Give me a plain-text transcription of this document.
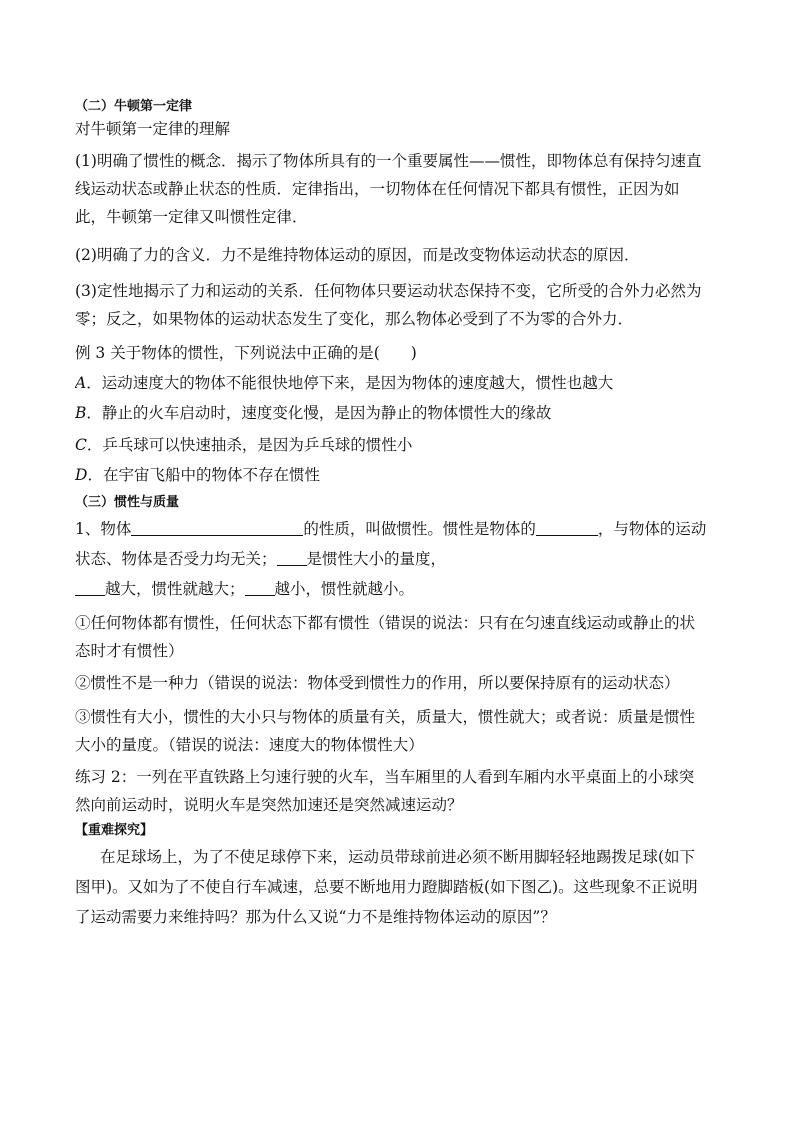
（二）牛顿第一定律
对牛顿第一定律的理解
(1)明确了惯性的概念．揭示了物体所具有的一个重要属性——惯性，即物体总有保持匀速直
线运动状态或静止状态的性质．定律指出，一切物体在任何情况下都具有惯性，正因为如
此，牛顿第一定律又叫惯性定律．
(2)明确了力的含义．力不是维持物体运动的原因，而是改变物体运动状态的原因．
(3)定性地揭示了力和运动的关系．任何物体只要运动状态保持不变，它所受的合外力必然为
零；反之，如果物体的运动状态发生了变化，那么物体必受到了不为零的合外力．
例 3 关于物体的惯性，下列说法中正确的是(　　)
A．运动速度大的物体不能很快地停下来，是因为物体的速度越大，惯性也越大
B．静止的火车启动时，速度变化慢，是因为静止的物体惯性大的缘故
C．乒乓球可以快速抽杀，是因为乒乓球的惯性小
D．在宇宙飞船中的物体不存在惯性
（三）惯性与质量
1、物体	的性质，叫做惯性。惯性是物体的	，与物体的运动
状态、物体是否受力均无关； 是惯性大小的量度，
越大，惯性就越大； 越小，惯性就越小。
①任何物体都有惯性，任何状态下都有惯性（错误的说法：只有在匀速直线运动或静止的状
态时才有惯性）
②惯性不是一种力（错误的说法：物体受到惯性力的作用，所以要保持原有的运动状态）
③惯性有大小，惯性的大小只与物体的质量有关，质量大，惯性就大；或者说：质量是惯性
大小的量度。（错误的说法：速度大的物体惯性大）
练习 2：一列在平直铁路上匀速行驶的火车，当车厢里的人看到车厢内水平桌面上的小球突
然向前运动时，说明火车是突然加速还是突然减速运动？
【重难探究】
在足球场上，为了不使足球停下来，运动员带球前进必须不断用脚轻轻地踢拨足球(如下
图甲)。又如为了不使自行车减速，总要不断地用力蹬脚踏板(如下图乙)。这些现象不正说明
了运动需要力来维持吗？那为什么又说“力不是维持物体运动的原因”？
